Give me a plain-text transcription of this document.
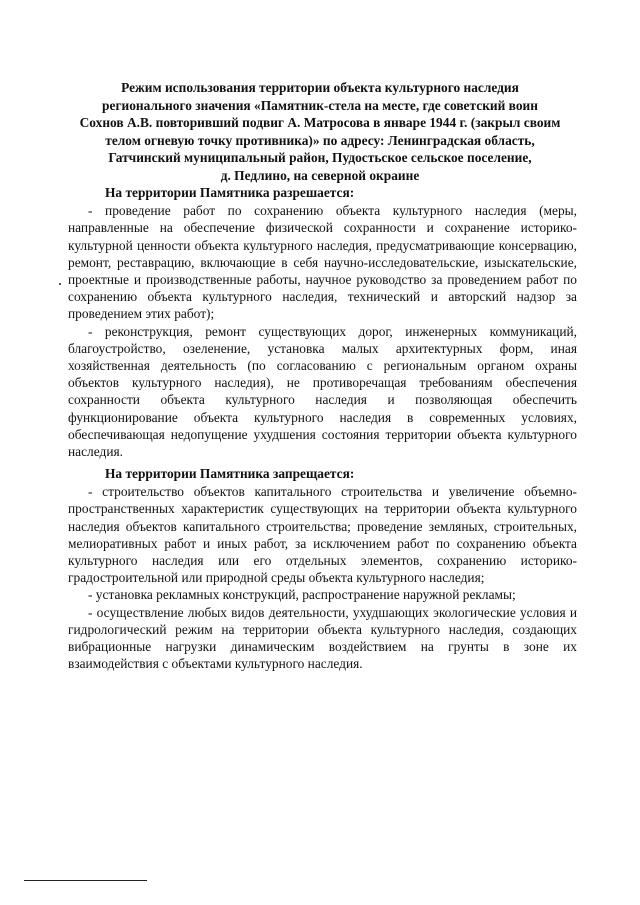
Режим использования территории объекта культурного наследия
регионального значения «Памятник-стела на месте, где советский воин
Сохнов А.В. повторивший подвиг А. Матросова в январе 1944 г. (закрыл своим
телом огневую точку противника)» по адресу: Ленинградская область,
Гатчинский муниципальный район, Пудостьское сельское поселение,
д. Педлино, на северной окраине

На территории Памятника разрешается:

- проведение работ по сохранению объекта культурного наследия (меры, направленные на обеспечение физической сохранности и сохранение историко-культурной ценности объекта культурного наследия, предусматривающие консервацию, ремонт, реставрацию, включающие в себя научно-исследовательские, изыскательские, проектные и производственные работы, научное руководство за проведением работ по сохранению объекта культурного наследия, технический и авторский надзор за проведением этих работ);

- реконструкция, ремонт существующих дорог, инженерных коммуникаций, благоустройство, озеленение, установка малых архитектурных форм, иная хозяйственная деятельность (по согласованию с региональным органом охраны объектов культурного наследия), не противоречащая требованиям обеспечения сохранности объекта культурного наследия и позволяющая обеспечить функционирование объекта культурного наследия в современных условиях, обеспечивающая недопущение ухудшения состояния территории объекта культурного наследия.

На территории Памятника запрещается:

- строительство объектов капитального строительства и увеличение объемно-пространственных характеристик существующих на территории объекта культурного наследия объектов капитального строительства; проведение земляных, строительных, мелиоративных работ и иных работ, за исключением работ по сохранению объекта культурного наследия или его отдельных элементов, сохранению историко-градостроительной или природной среды объекта культурного наследия;

- установка рекламных конструкций, распространение наружной рекламы;

- осуществление любых видов деятельности, ухудшающих экологические условия и гидрологический режим на территории объекта культурного наследия, создающих вибрационные нагрузки динамическим воздействием на грунты в зоне их взаимодействия с объектами культурного наследия.
